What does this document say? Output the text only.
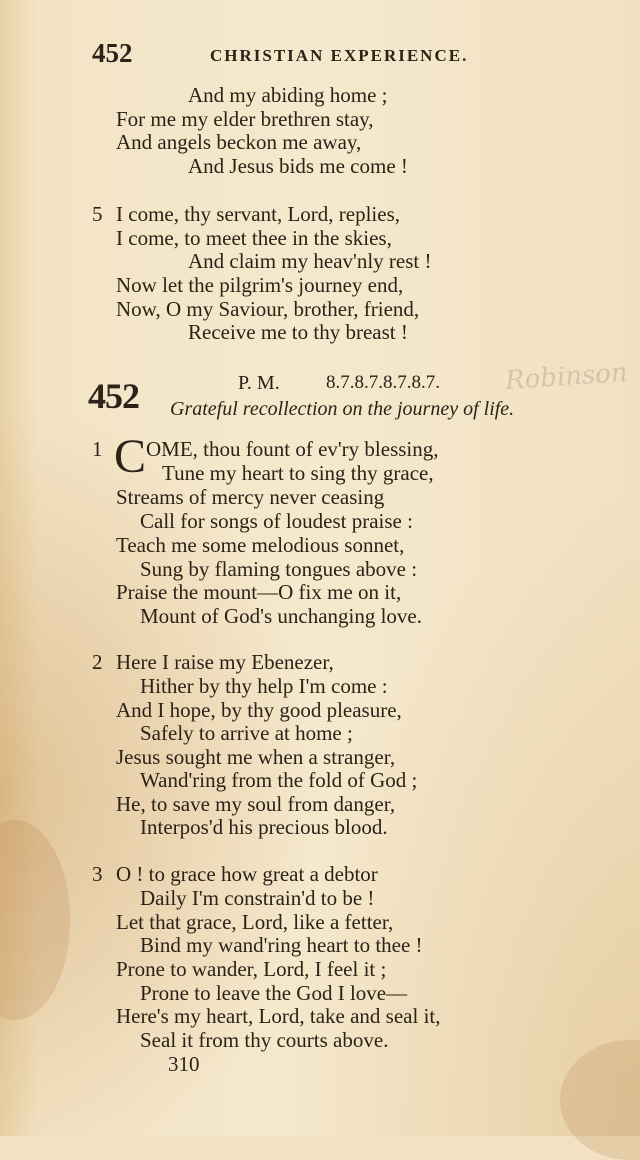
452	CHRISTIAN EXPERIENCE.
And my abiding home ;
For me my elder brethren stay,
And angels beckon me away,
And Jesus bids me come !
5 I come, thy servant, Lord, replies,
I come, to meet thee in the skies,
And claim my heav'nly rest !
Now let the pilgrim's journey end,
Now, O my Saviour, brother, friend,
Receive me to thy breast !
452	P. M. 8.7.8.7.8.7.8.7. Robinson
Grateful recollection on the journey of life.
1 C OME, thou fount of ev'ry blessing,
Tune my heart to sing thy grace,
Streams of mercy never ceasing
Call for songs of loudest praise :
Teach me some melodious sonnet,
Sung by flaming tongues above :
Praise the mount—O fix me on it,
Mount of God's unchanging love.
2 Here I raise my Ebenezer,
Hither by thy help I'm come :
And I hope, by thy good pleasure,
Safely to arrive at home ;
Jesus sought me when a stranger,
Wand'ring from the fold of God ;
He, to save my soul from danger,
Interpos'd his precious blood.
3 O ! to grace how great a debtor
Daily I'm constrain'd to be !
Let that grace, Lord, like a fetter,
Bind my wand'ring heart to thee !
Prone to wander, Lord, I feel it ;
Prone to leave the God I love—
Here's my heart, Lord, take and seal it,
Seal it from thy courts above.
310
